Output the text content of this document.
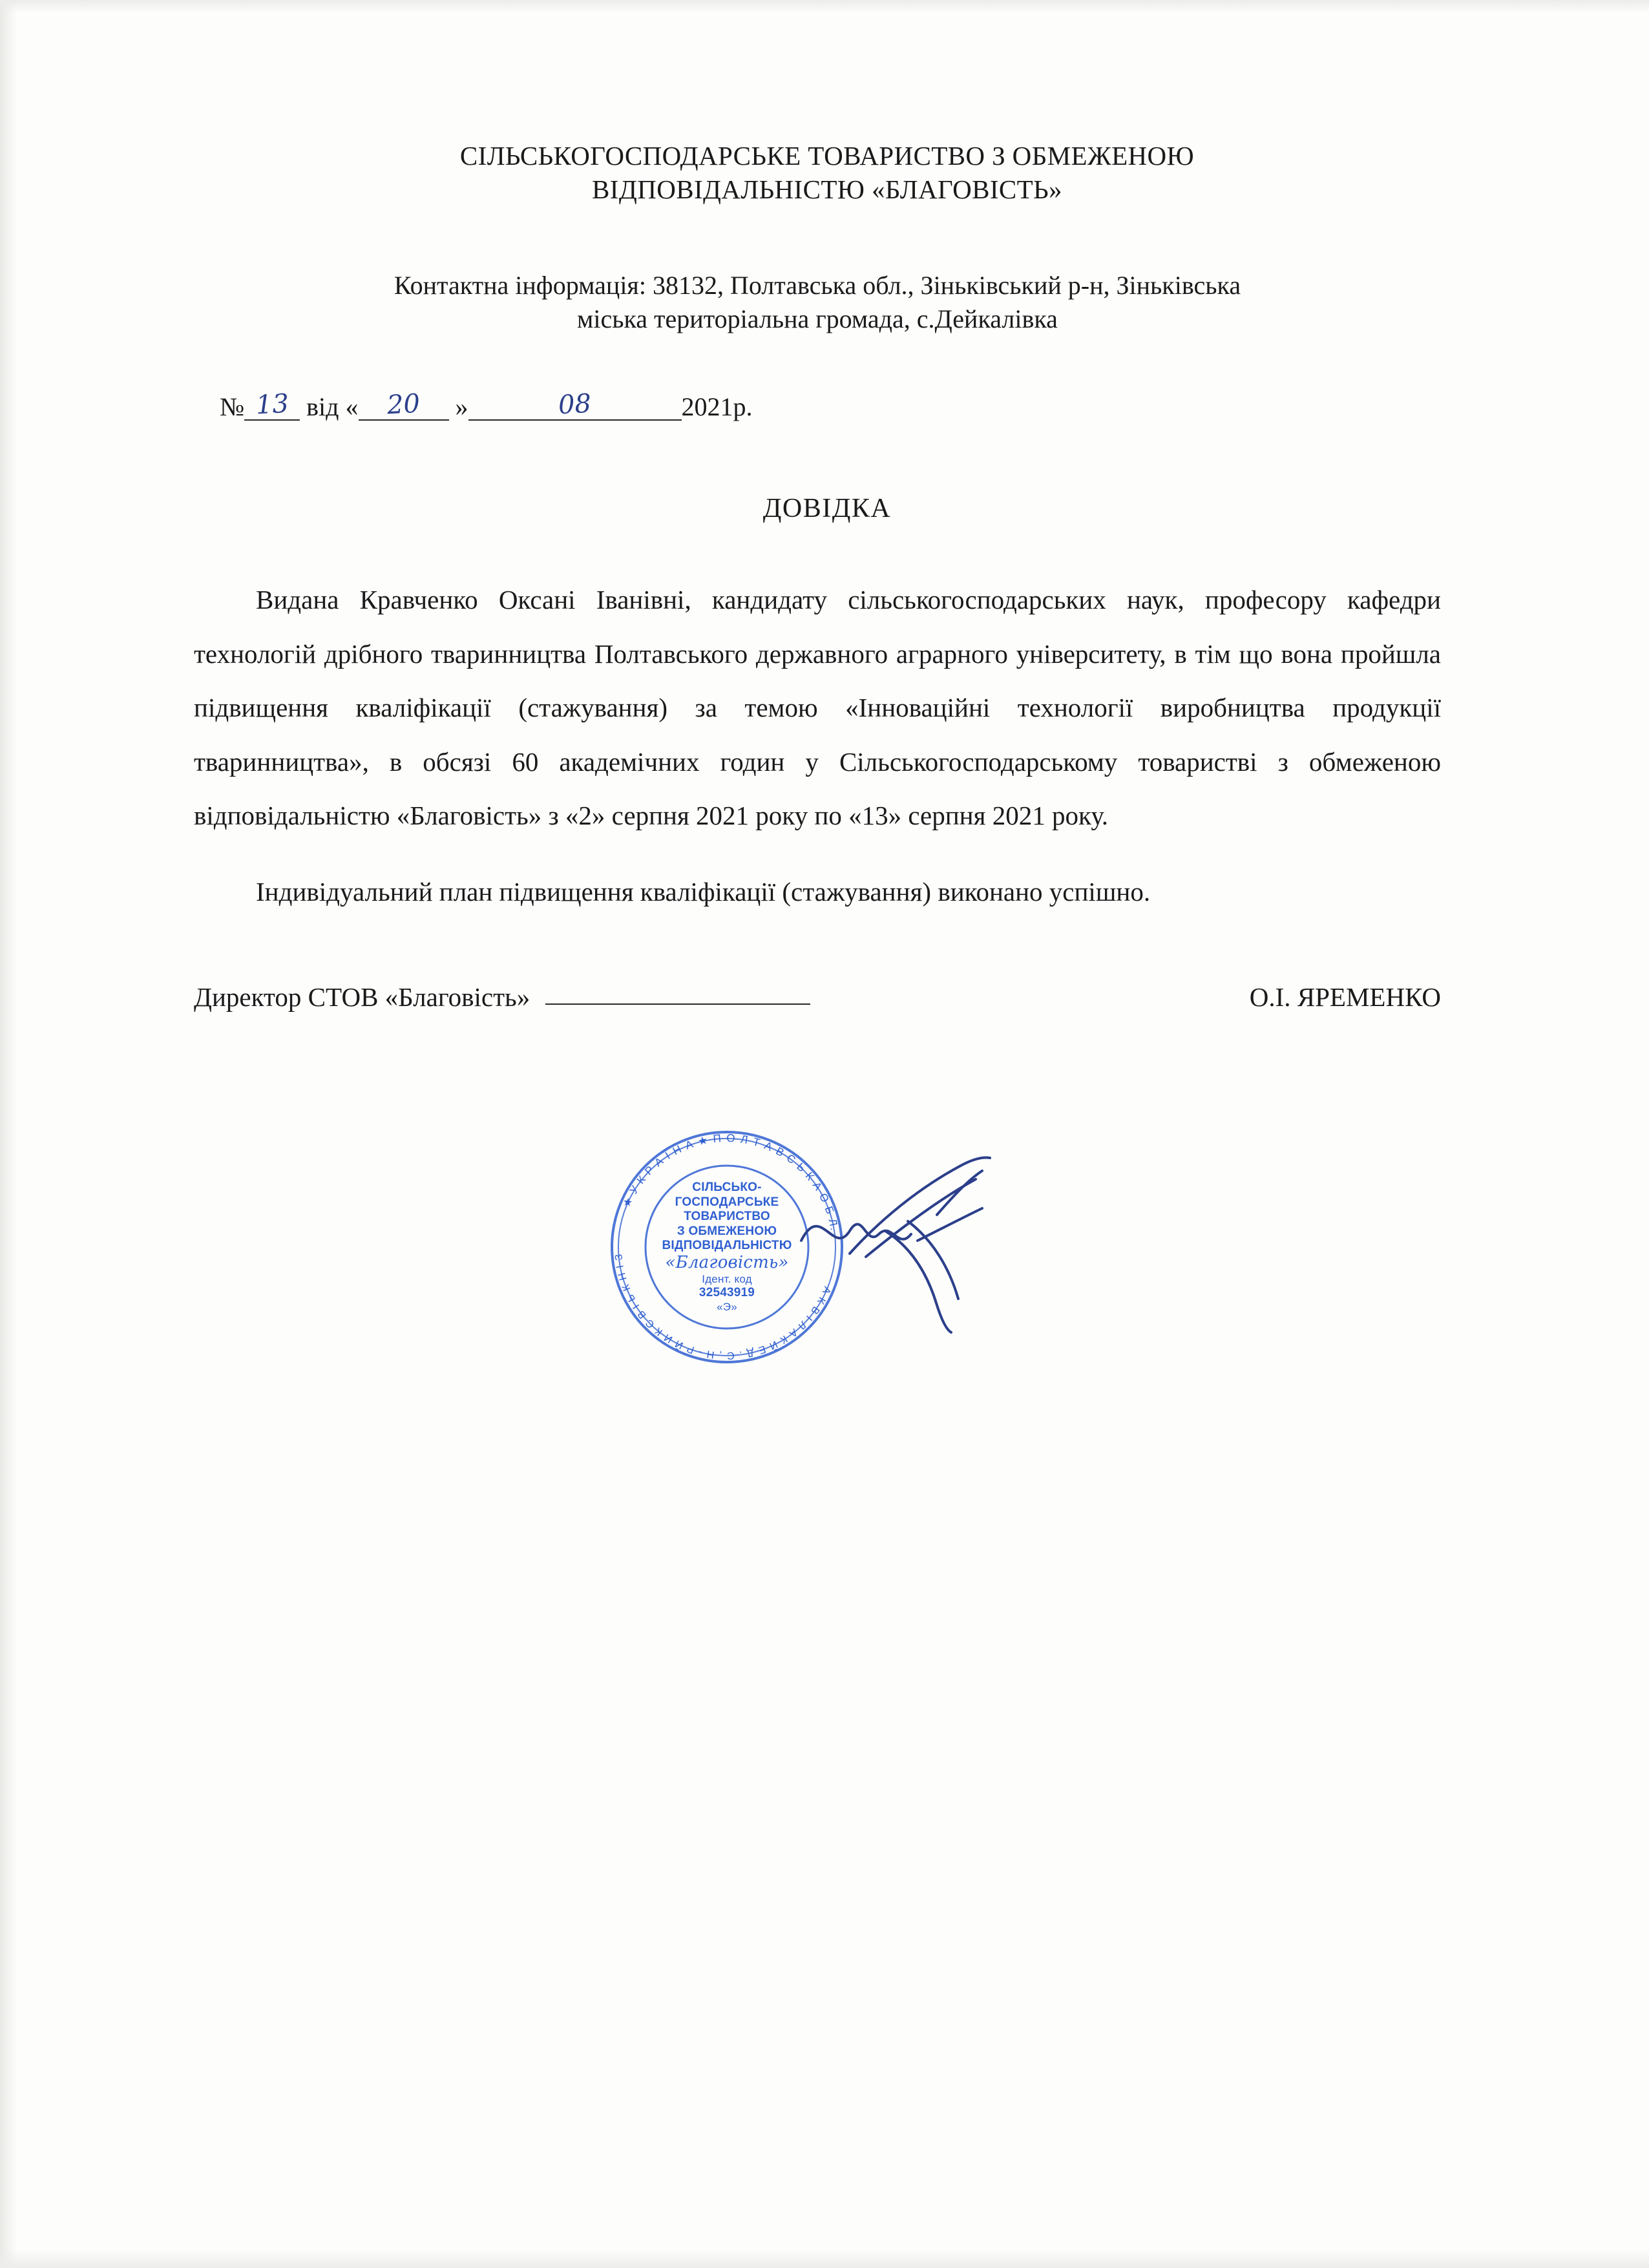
СІЛЬСЬКОГОСПОДАРСЬКЕ ТОВАРИСТВО З ОБМЕЖЕНОЮ
ВІДПОВІДАЛЬНІСТЮ «БЛАГОВІСТЬ»
Контактна інформація: 38132, Полтавська обл., Зіньківський р-н, Зіньківська
міська територіальна громада, с.Дейкалівка
№ 13 від «	20	»	08	2021р.
ДОВІДКА

Видана Кравченко Оксані Іванівні, кандидату сільськогосподарських наук, професору кафедри технологій дрібного тваринництва Полтавського державного аграрного університету, в тім що вона пройшла підвищення кваліфікації (стажування) за темою «Інноваційні технології виробництва продукції тваринництва», в обсязі 60 академічних годин у Сільськогосподарському товаристві з обмеженою відповідальністю «Благовість» з «2» серпня 2021 року по «13» серпня 2021 року.

Індивідуальний план підвищення кваліфікації (стажування) виконано успішно.

Директор СТОВ «Благовість»	О.І. ЯРЕМЕНКО
★ У К Р А Ї Н А ★ П О Л Т А В С Ь К А О Б Л.
А К В І Л А К Й Е Д . С , Н - Р Й И К С В І Ь К Н І З
СІЛЬСЬКО-
ГОСПОДАРСЬКЕ
ТОВАРИСТВО
З ОБМЕЖЕНОЮ
ВІДПОВІДАЛЬНІСТЮ
«Благовість»
Ідент. код
32543919
«Э»
